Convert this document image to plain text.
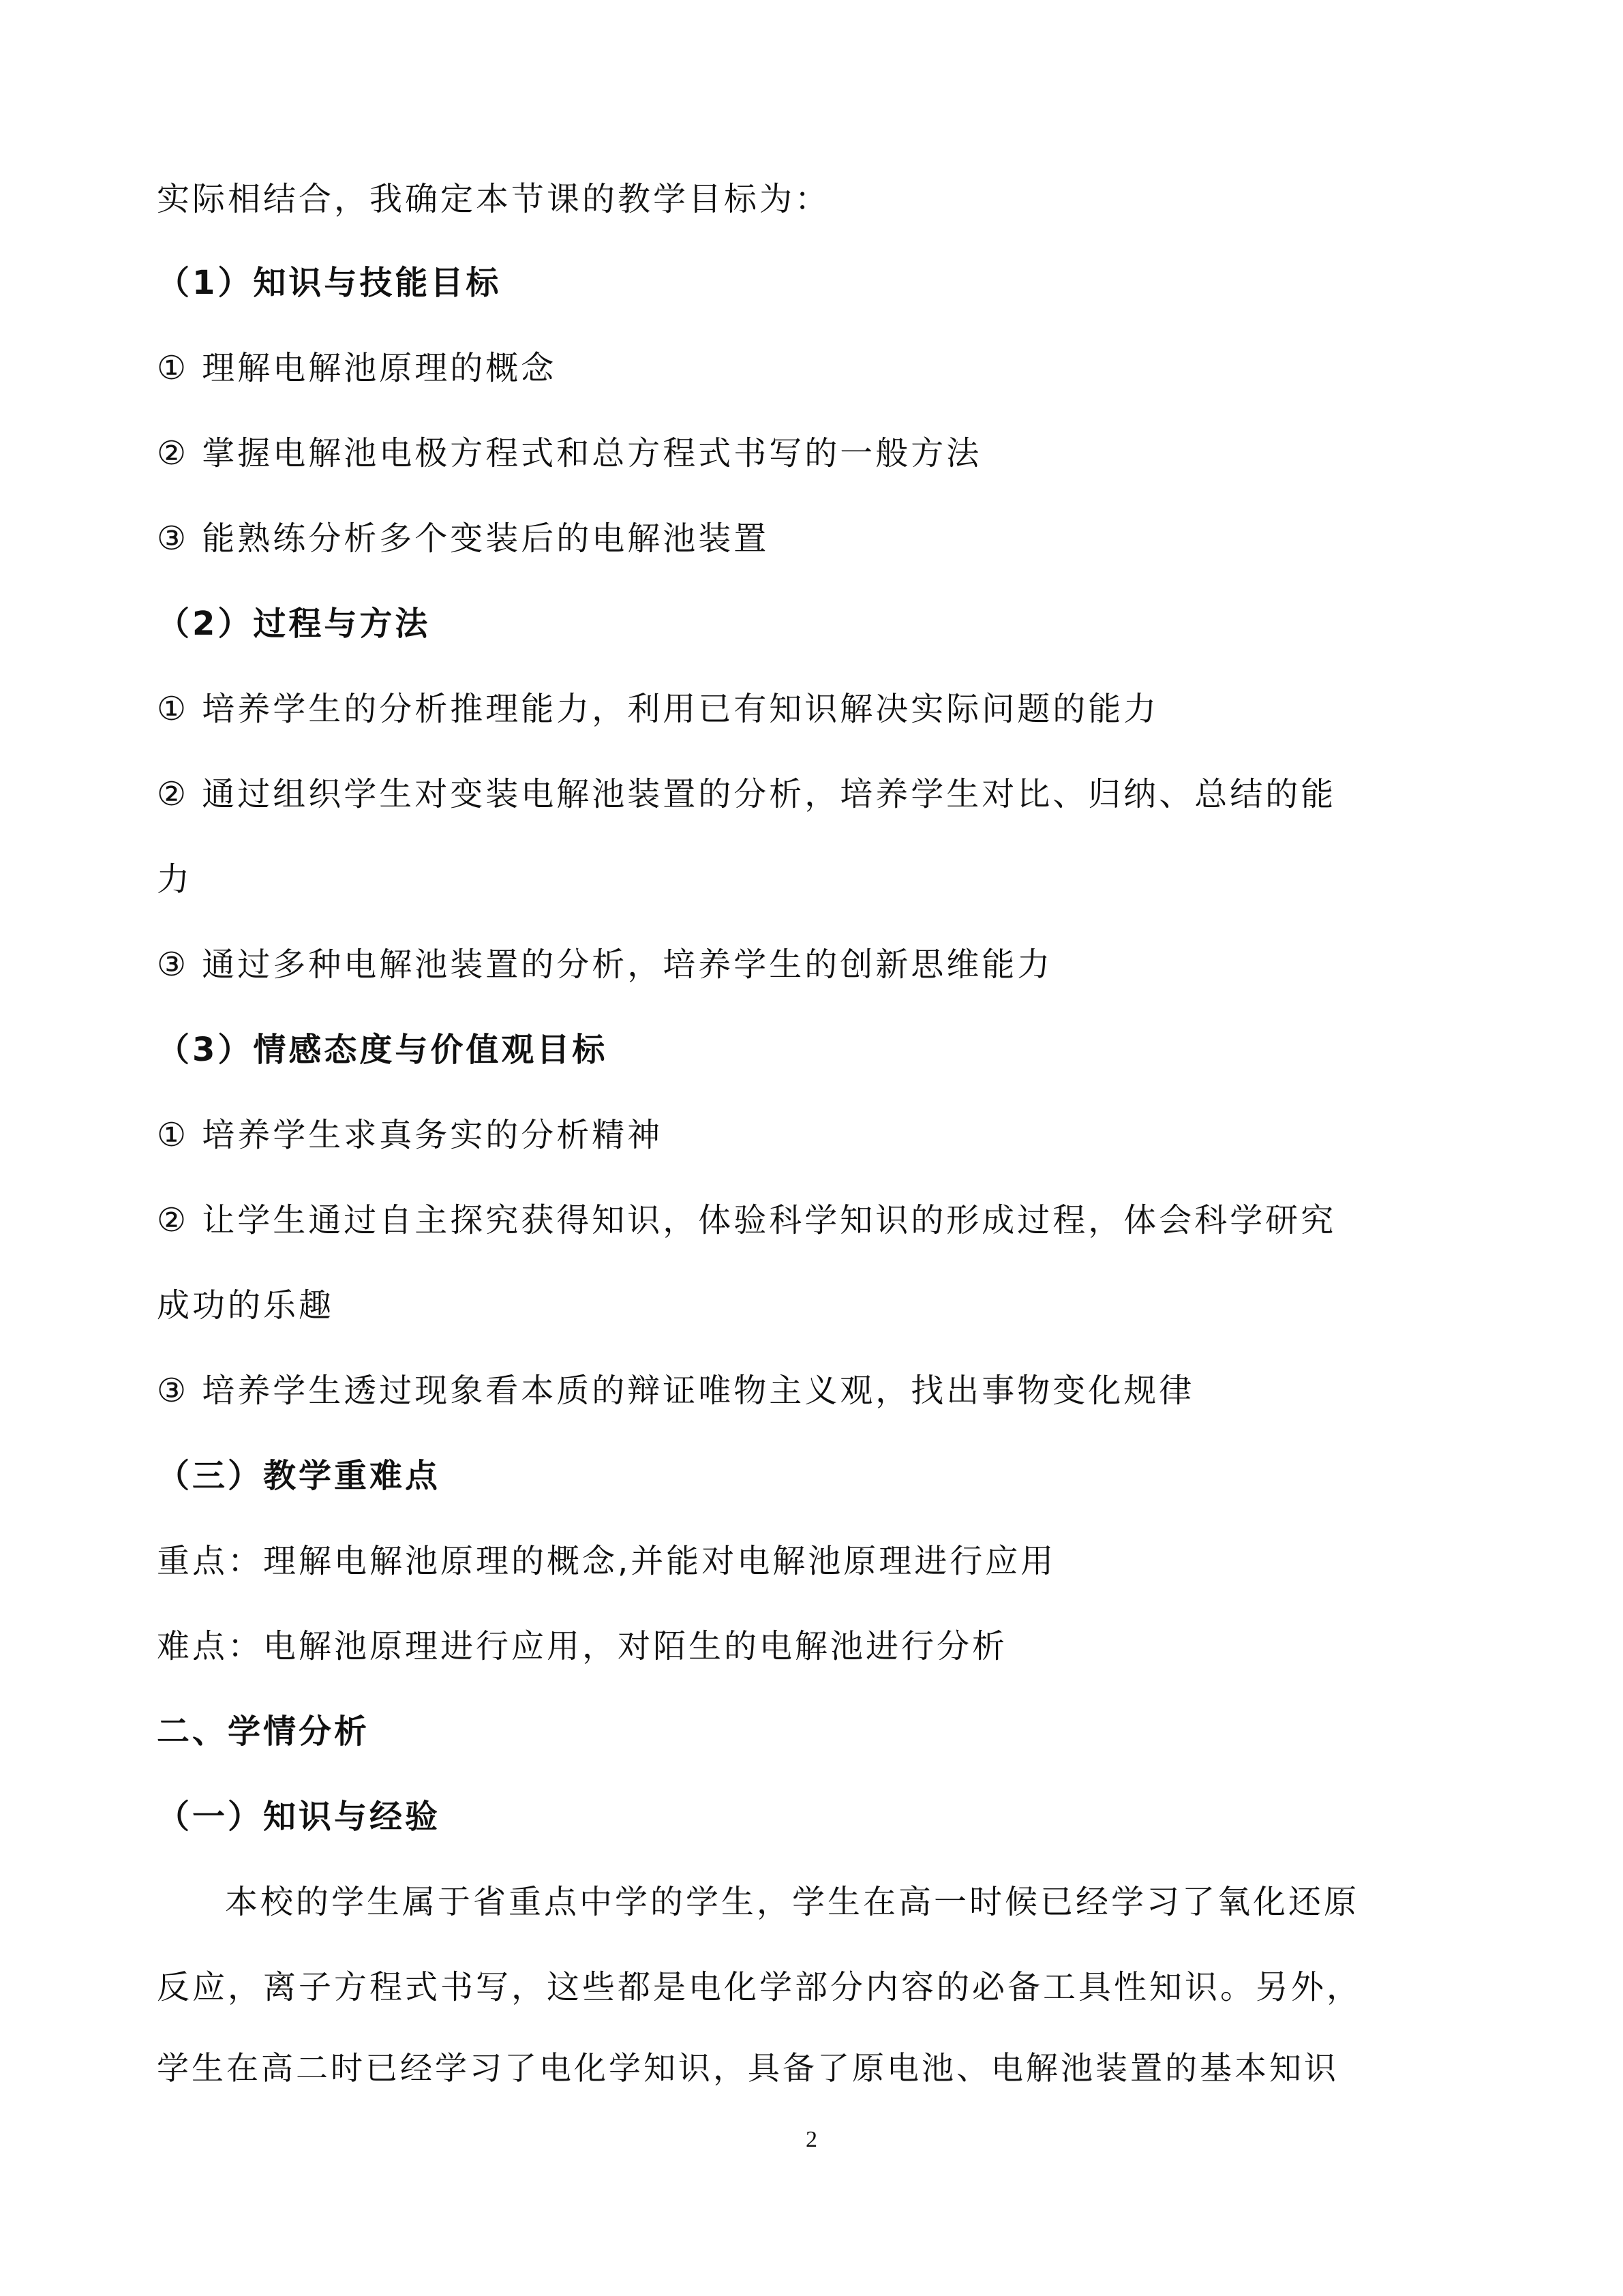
实际相结合，我确定本节课的教学目标为：
（1）知识与技能目标
① 理解电解池原理的概念
② 掌握电解池电极方程式和总方程式书写的一般方法
③ 能熟练分析多个变装后的电解池装置
（2）过程与方法
① 培养学生的分析推理能力，利用已有知识解决实际问题的能力
② 通过组织学生对变装电解池装置的分析，培养学生对比、归纳、总结的能
力
③ 通过多种电解池装置的分析，培养学生的创新思维能力
（3）情感态度与价值观目标
① 培养学生求真务实的分析精神
② 让学生通过自主探究获得知识，体验科学知识的形成过程，体会科学研究
成功的乐趣
③ 培养学生透过现象看本质的辩证唯物主义观，找出事物变化规律
（三）教学重难点
重点：理解电解池原理的概念,并能对电解池原理进行应用
难点：电解池原理进行应用，对陌生的电解池进行分析
二、学情分析
（一）知识与经验
本校的学生属于省重点中学的学生，学生在高一时候已经学习了氧化还原
反应，离子方程式书写，这些都是电化学部分内容的必备工具性知识。另外，
学生在高二时已经学习了电化学知识，具备了原电池、电解池装置的基本知识
2
